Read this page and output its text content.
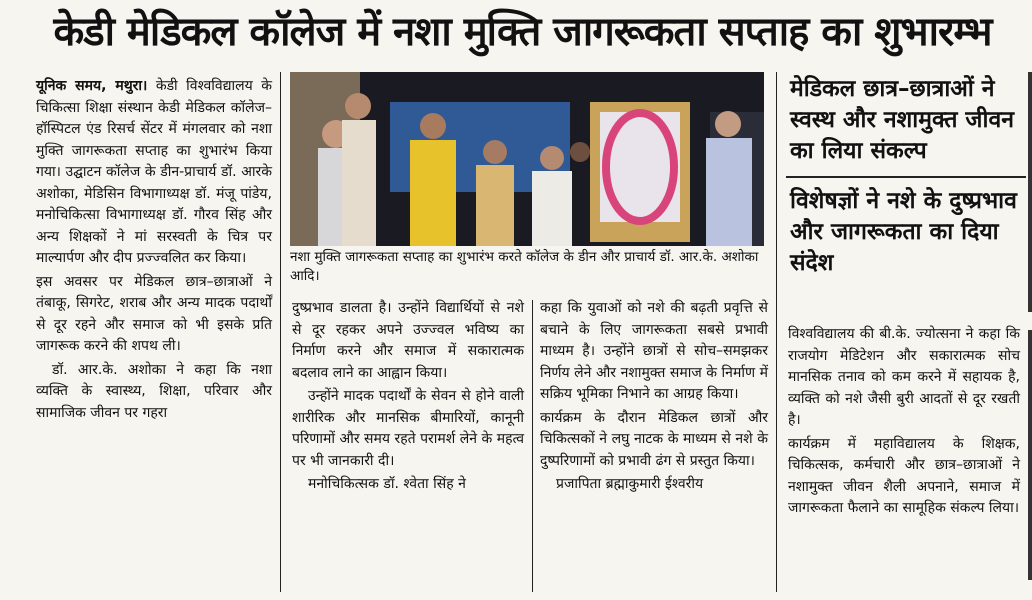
केडी मेडिकल कॉलेज में नशा मुक्ति जागरूकता सप्ताह का शुभारम्भ

यूनिक समय, मथुरा। केडी विश्वविद्यालय के चिकित्सा शिक्षा संस्थान केडी मेडिकल कॉलेज–हॉस्पिटल एंड रिसर्च सेंटर में मंगलवार को नशा मुक्ति जागरूकता सप्ताह का शुभारंभ किया गया। उद्घाटन कॉलेज के डीन-प्राचार्य डॉ. आरके अशोका, मेडिसिन विभागाध्यक्ष डॉ. मंजू पांडेय, मनोचिकित्सा विभागाध्यक्ष डॉ. गौरव सिंह और अन्य शिक्षकों ने मां सरस्वती के चित्र पर माल्यार्पण और दीप प्रज्ज्वलित कर किया।

इस अवसर पर मेडिकल छात्र–छात्राओं ने तंबाकू, सिगरेट, शराब और अन्य मादक पदार्थों से दूर रहने और समाज को भी इसके प्रति जागरूक करने की शपथ ली।

डॉ. आर.के. अशोका ने कहा कि नशा व्यक्ति के स्वास्थ्य, शिक्षा, परिवार और सामाजिक जीवन पर गहरा

नशा मुक्ति जागरूकता सप्ताह का शुभारंभ करते कॉलेज के डीन और प्राचार्य डॉ. आर.के. अशोका आदि।

दुष्प्रभाव डालता है। उन्होंने विद्यार्थियों से नशे से दूर रहकर अपने उज्ज्वल भविष्य का निर्माण करने और समाज में सकारात्मक बदलाव लाने का आह्वान किया।

उन्होंने मादक पदार्थों के सेवन से होने वाली शारीरिक और मानसिक बीमारियों, कानूनी परिणामों और समय रहते परामर्श लेने के महत्व पर भी जानकारी दी।

मनोचिकित्सक डॉ. श्वेता सिंह ने

कहा कि युवाओं को नशे की बढ़ती प्रवृत्ति से बचाने के लिए जागरूकता सबसे प्रभावी माध्यम है। उन्होंने छात्रों से सोच–समझकर निर्णय लेने और नशामुक्त समाज के निर्माण में सक्रिय भूमिका निभाने का आग्रह किया।

कार्यक्रम के दौरान मेडिकल छात्रों और चिकित्सकों ने लघु नाटक के माध्यम से नशे के दुष्परिणामों को प्रभावी ढंग से प्रस्तुत किया।

प्रजापिता ब्रह्माकुमारी ईश्वरीय

मेडिकल छात्र–छात्राओं ने स्वस्थ और नशामुक्त जीवन का लिया संकल्प
विशेषज्ञों ने नशे के दुष्प्रभाव और जागरूकता का दिया संदेश

विश्वविद्यालय की बी.के. ज्योत्सना ने कहा कि राजयोग मेडिटेशन और सकारात्मक सोच मानसिक तनाव को कम करने में सहायक है, व्यक्ति को नशे जैसी बुरी आदतों से दूर रखती है।

कार्यक्रम में महाविद्यालय के शिक्षक, चिकित्सक, कर्मचारी और छात्र–छात्राओं ने नशामुक्त जीवन शैली अपनाने, समाज में जागरूकता फैलाने का सामूहिक संकल्प लिया।
